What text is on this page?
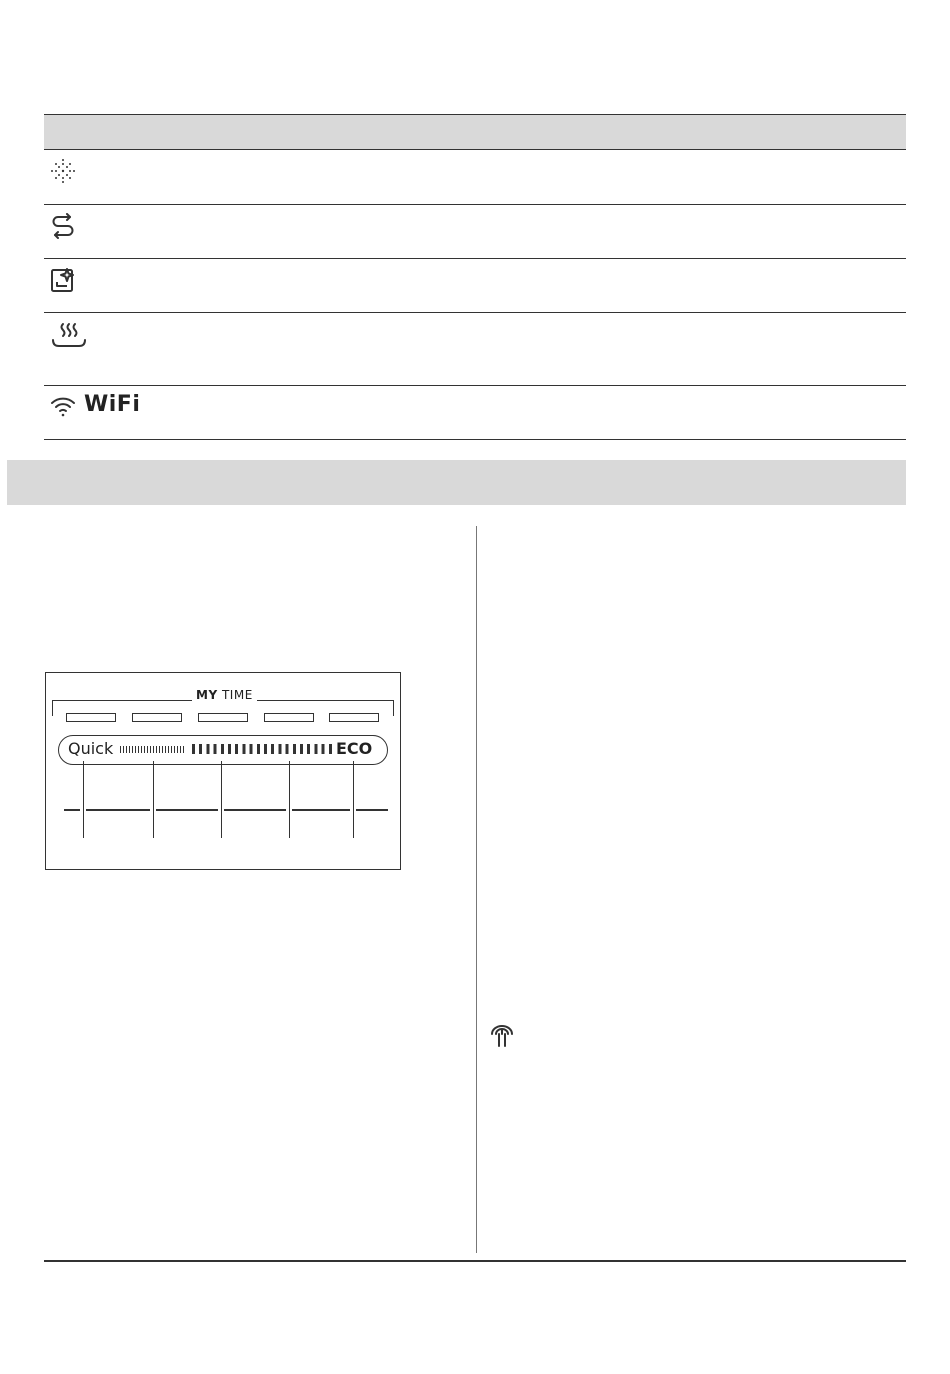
WiFi
MY TIME
Quick	ECO
